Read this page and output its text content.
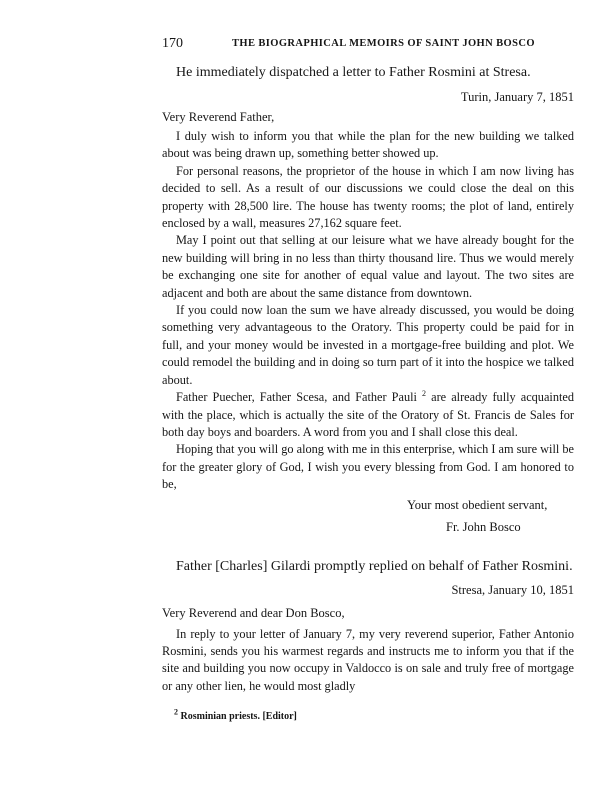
170	THE BIOGRAPHICAL MEMOIRS OF SAINT JOHN BOSCO

He immediately dispatched a letter to Father Rosmini at Stresa.

Turin, January 7, 1851
Very Reverend Father,

I duly wish to inform you that while the plan for the new building we talked about was being drawn up, something better showed up.

For personal reasons, the proprietor of the house in which I am now living has decided to sell. As a result of our discussions we could close the deal on this property with 28,500 lire. The house has twenty rooms; the plot of land, entirely enclosed by a wall, measures 27,162 square feet.

May I point out that selling at our leisure what we have already bought for the new building will bring in no less than thirty thousand lire. Thus we would merely be exchanging one site for another of equal value and layout. The two sites are adjacent and both are about the same distance from downtown.

If you could now loan the sum we have already discussed, you would be doing something very advantageous to the Oratory. This property could be paid for in full, and your money would be invested in a mortgage-free building and plot. We could remodel the building and in doing so turn part of it into the hospice we talked about.

Father Puecher, Father Scesa, and Father Pauli $^2$ are already fully acquainted with the place, which is actually the site of the Oratory of St. Francis de Sales for both day boys and boarders. A word from you and I shall close this deal.

Hoping that you will go along with me in this enterprise, which I am sure will be for the greater glory of God, I wish you every blessing from God. I am honored to be,

Your most obedient servant,
Fr. John Bosco

Father [Charles] Gilardi promptly replied on behalf of Father Rosmini.

Stresa, January 10, 1851
Very Reverend and dear Don Bosco,

In reply to your letter of January 7, my very reverend superior, Father Antonio Rosmini, sends you his warmest regards and instructs me to inform you that if the site and building you now occupy in Valdocco is on sale and truly free of mortgage or any other lien, he would most gladly

$^2$ Rosminian priests. [Editor]
